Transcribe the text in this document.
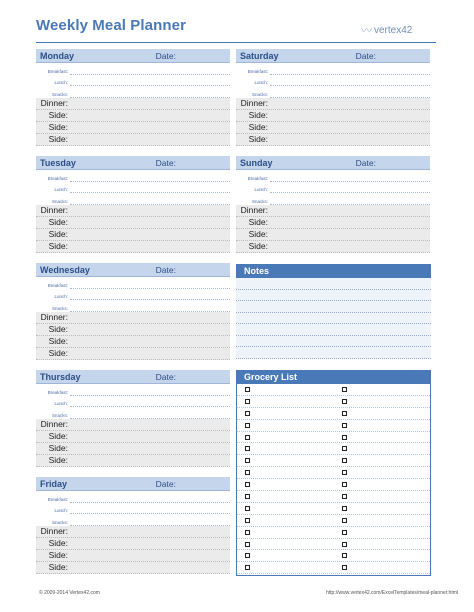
Weekly Meal Planner	〰 vertex42
Monday	Date:
Breakfast:
Lunch:
Snacks:
Dinner:
Side:
Side:
Side:
Tuesday	Date:
Breakfast:
Lunch:
Snacks:
Dinner:
Side:
Side:
Side:
Wednesday	Date:
Breakfast:
Lunch:
Snacks:
Dinner:
Side:
Side:
Side:
Thursday	Date:
Breakfast:
Lunch:
Snacks:
Dinner:
Side:
Side:
Side:
Friday	Date:
Breakfast:
Lunch:
Snacks:
Dinner:
Side:
Side:
Side:
Saturday	Date:
Breakfast:
Lunch:
Snacks:
Dinner:
Side:
Side:
Side:
Sunday	Date:
Breakfast:
Lunch:
Snacks:
Dinner:
Side:
Side:
Side:
Notes
Grocery List
© 2009-2014 Vertex42.com	http://www.vertex42.com/ExcelTemplates/meal-planner.html
